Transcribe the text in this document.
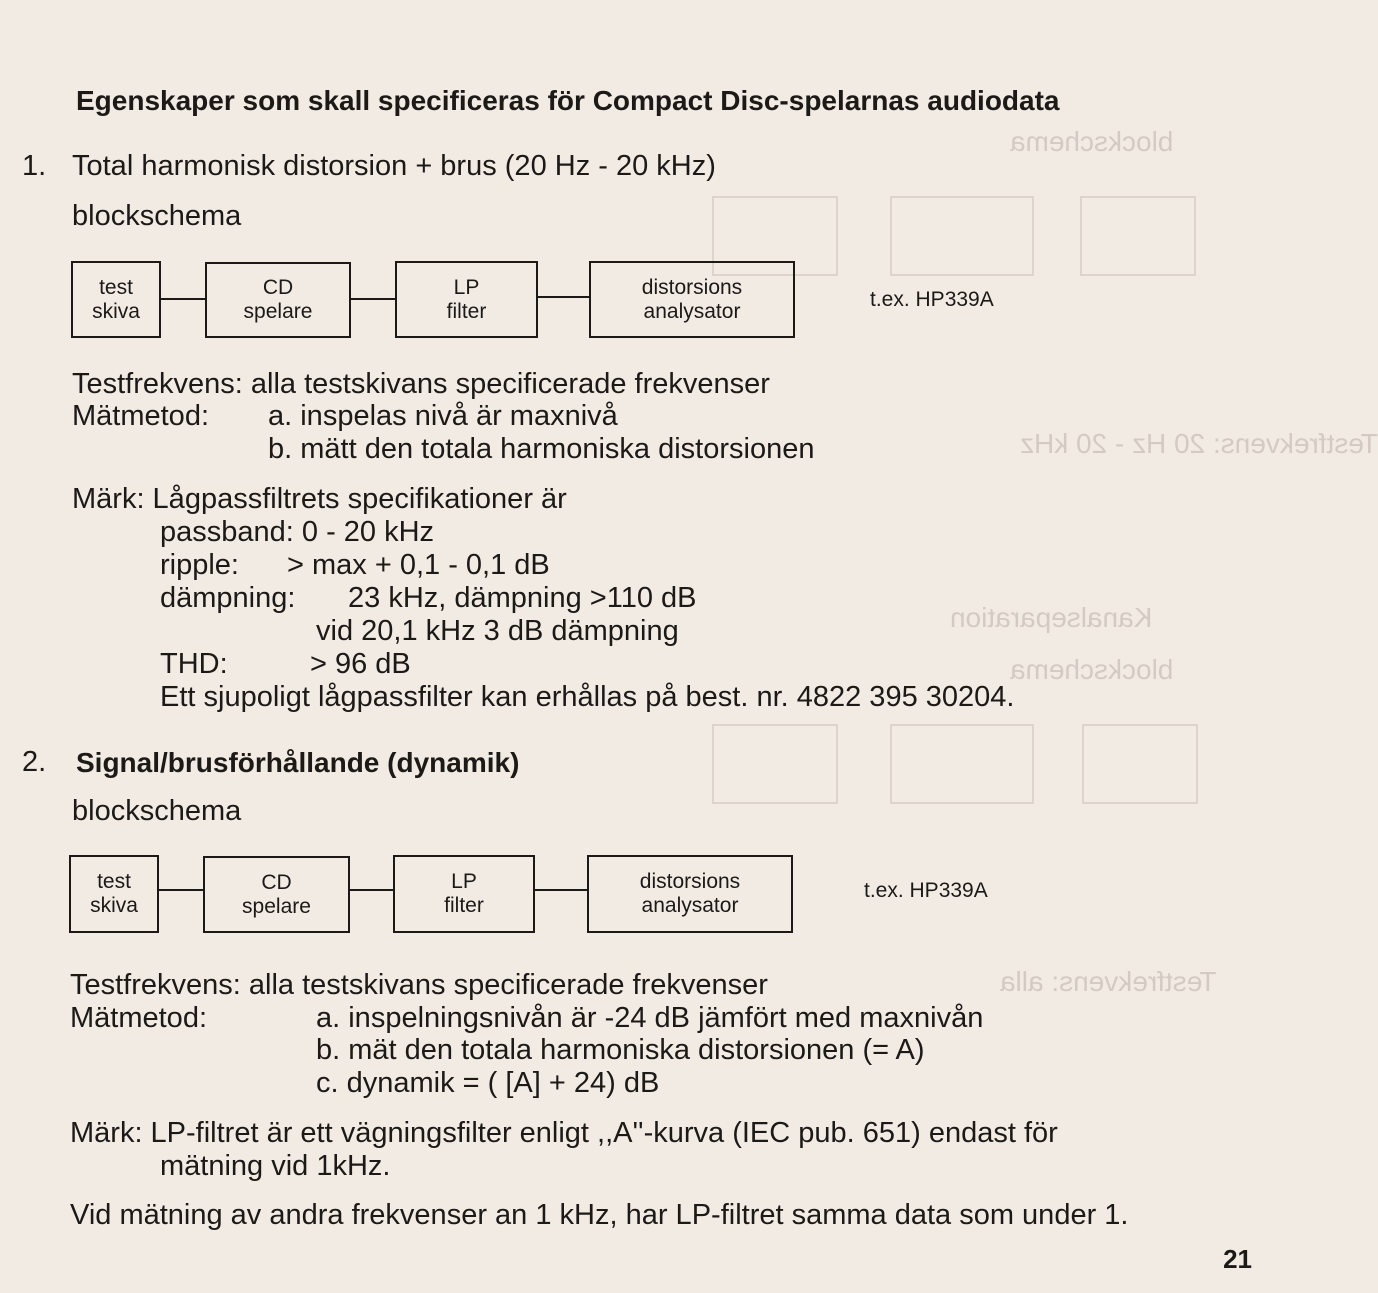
blockschema
Testfrekvens: 20 Hz - 20 kHz
Kanalseparation
blockschema
Testfrekvens: alla
Egenskaper som skall specificeras för Compact Disc-spelarnas audiodata
1. Total harmonisk distorsion + brus (20 Hz - 20 kHz)
blockschema
test
skiva
CD
spelare
LP
filter
distorsions
analysator	t.ex. HP339A
Testfrekvens: alla testskivans specificerade frekvenser
Mätmetod: a. inspelas nivå är maxnivå
b. mätt den totala harmoniska distorsionen
Märk: Lågpassfiltrets specifikationer är
passband: 0 - 20 kHz
ripple: > max + 0,1 - 0,1 dB
dämpning: 23 kHz, dämpning >110 dB
vid 20,1 kHz 3 dB dämpning
THD:	> 96 dB
Ett sjupoligt lågpassfilter kan erhållas på best. nr. 4822 395 30204.
2. Signal/brusförhållande (dynamik)
blockschema
test
skiva
CD
spelare
LP
filter
distorsions
analysator
t.ex. HP339A
Testfrekvens: alla testskivans specificerade frekvenser
Mätmetod:	a. inspelningsnivån är -24 dB jämfört med maxnivån
b. mät den totala harmoniska distorsionen (= A)
c. dynamik = ( [A] + 24) dB
Märk: LP-filtret är ett vägningsfilter enligt ,,A''-kurva (IEC pub. 651) endast för
mätning vid 1kHz.
Vid mätning av andra frekvenser an 1 kHz, har LP-filtret samma data som under 1.
21
